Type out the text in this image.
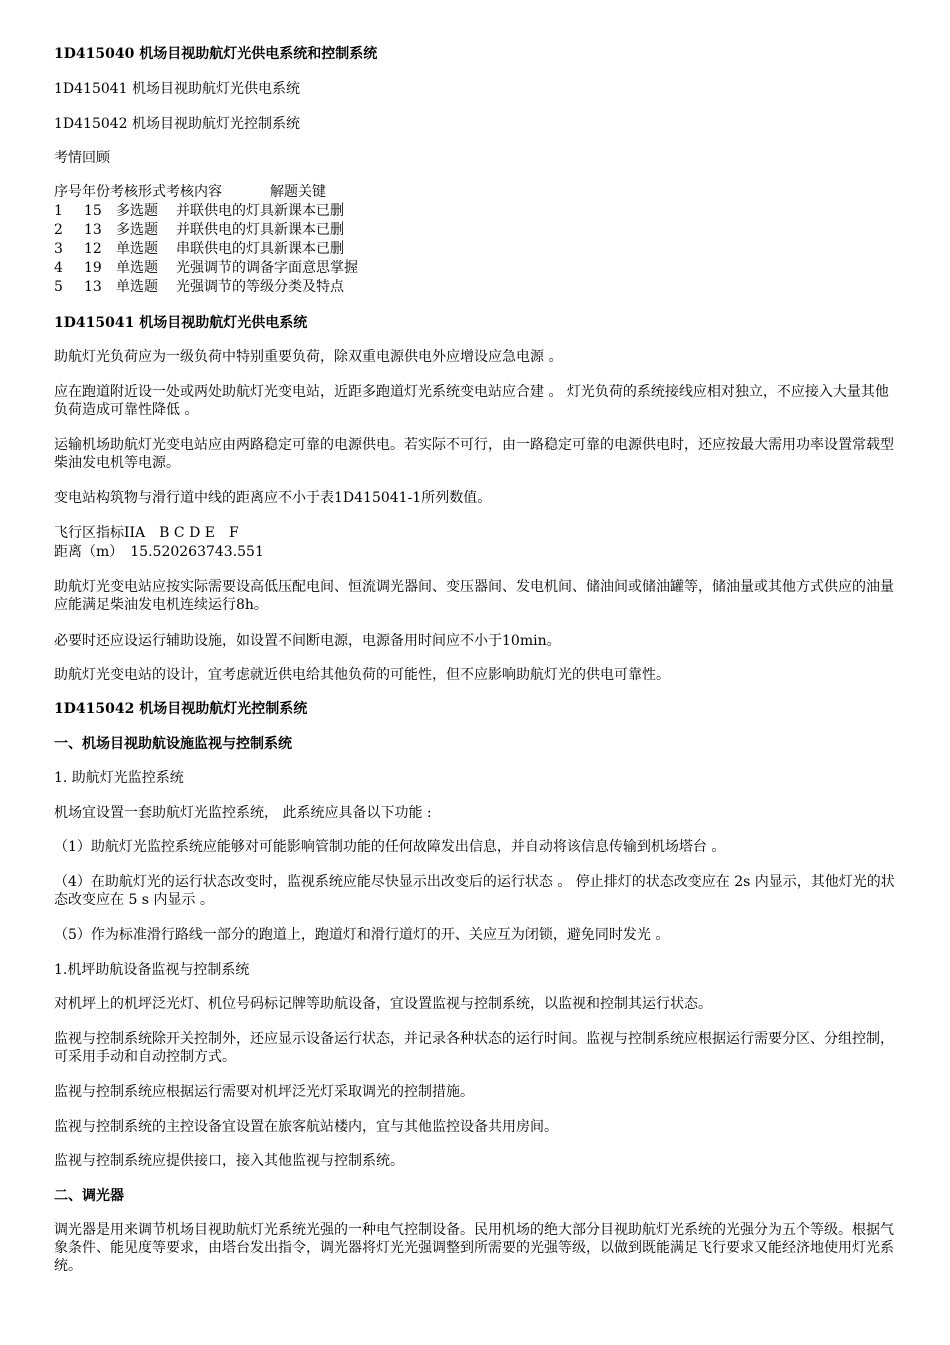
1D415040 机场目视助航灯光供电系统和控制系统
1D415041 机场目视助航灯光供电系统
1D415042 机场目视助航灯光控制系统
考情回顾
序号年份考核形式考核内容	解题关键
1 15 多选题 并联供电的灯具新课本已删
2 13 多选题 并联供电的灯具新课本已删
3 12 单选题 串联供电的灯具新课本已删
4 19 单选题 光强调节的调备字面意思掌握
5 13 单选题 光强调节的等级分类及特点
1D415041 机场目视助航灯光供电系统
助航灯光负荷应为一级负荷中特别重要负荷，除双重电源供电外应增设应急电源 。
应在跑道附近设一处或两处助航灯光变电站，近距多跑道灯光系统变电站应合建 。 灯光负荷的系统接线应相对独立，不应接入大量其他负荷造成可靠性降低 。
运输机场助航灯光变电站应由两路稳定可靠的电源供电。若实际不可行，由一路稳定可靠的电源供电时，还应按最大需用功率设置常载型柴油发电机等电源。
变电站构筑物与滑行道中线的距离应不小于表1D415041-1所列数值。
飞行区指标IIA　B C D E　F
距离（m）　15.520263743.551
助航灯光变电站应按实际需要设高低压配电间、恒流调光器间、变压器间、发电机间、储油间或储油罐等，储油量或其他方式供应的油量应能满足柴油发电机连续运行8h。
必要时还应设运行辅助设施，如设置不间断电源，电源备用时间应不小于10min。
助航灯光变电站的设计，宜考虑就近供电给其他负荷的可能性，但不应影响助航灯光的供电可靠性。
1D415042 机场目视助航灯光控制系统
一、机场目视助航设施监视与控制系统
1. 助航灯光监控系统
机场宜设置一套助航灯光监控系统， 此系统应具备以下功能 :
（1）助航灯光监控系统应能够对可能影响管制功能的任何故障发出信息，并自动将该信息传输到机场塔台 。
（4）在助航灯光的运行状态改变时，监视系统应能尽快显示出改变后的运行状态 。 停止排灯的状态改变应在 2s 内显示，其他灯光的状态改变应在 5 s 内显示 。
（5）作为标准滑行路线一部分的跑道上，跑道灯和滑行道灯的开、关应互为闭锁，避免同时发光 。
1.机坪助航设备监视与控制系统
对机坪上的机坪泛光灯、机位号码标记牌等助航设备，宜设置监视与控制系统，以监视和控制其运行状态。
监视与控制系统除开关控制外，还应显示设备运行状态，并记录各种状态的运行时间。监视与控制系统应根据运行需要分区、分组控制，可采用手动和自动控制方式。
监视与控制系统应根据运行需要对机坪泛光灯采取调光的控制措施。
监视与控制系统的主控设备宜设置在旅客航站楼内，宜与其他监控设备共用房间。
监视与控制系统应提供接口，接入其他监视与控制系统。
二、调光器
调光器是用来调节机场目视助航灯光系统光强的一种电气控制设备。民用机场的绝大部分目视助航灯光系统的光强分为五个等级。根据气象条件、能见度等要求，由塔台发出指令，调光器将灯光光强调整到所需要的光强等级，以做到既能满足飞行要求又能经济地使用灯光系统。
